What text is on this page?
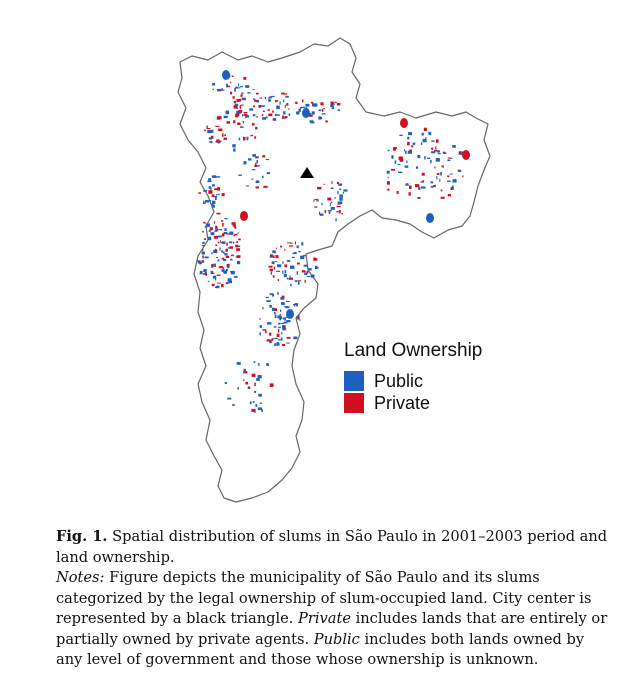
Land Ownership
Public
Private

Fig. 1. Spatial distribution of slums in São Paulo in 2001–2003 period and land ownership.

Notes: Figure depicts the municipality of São Paulo and its slums categorized by the legal ownership of slum-occupied land. City center is represented by a black triangle. Private includes lands that are entirely or partially owned by private agents. Public includes both lands owned by any level of government and those whose ownership is unknown.
